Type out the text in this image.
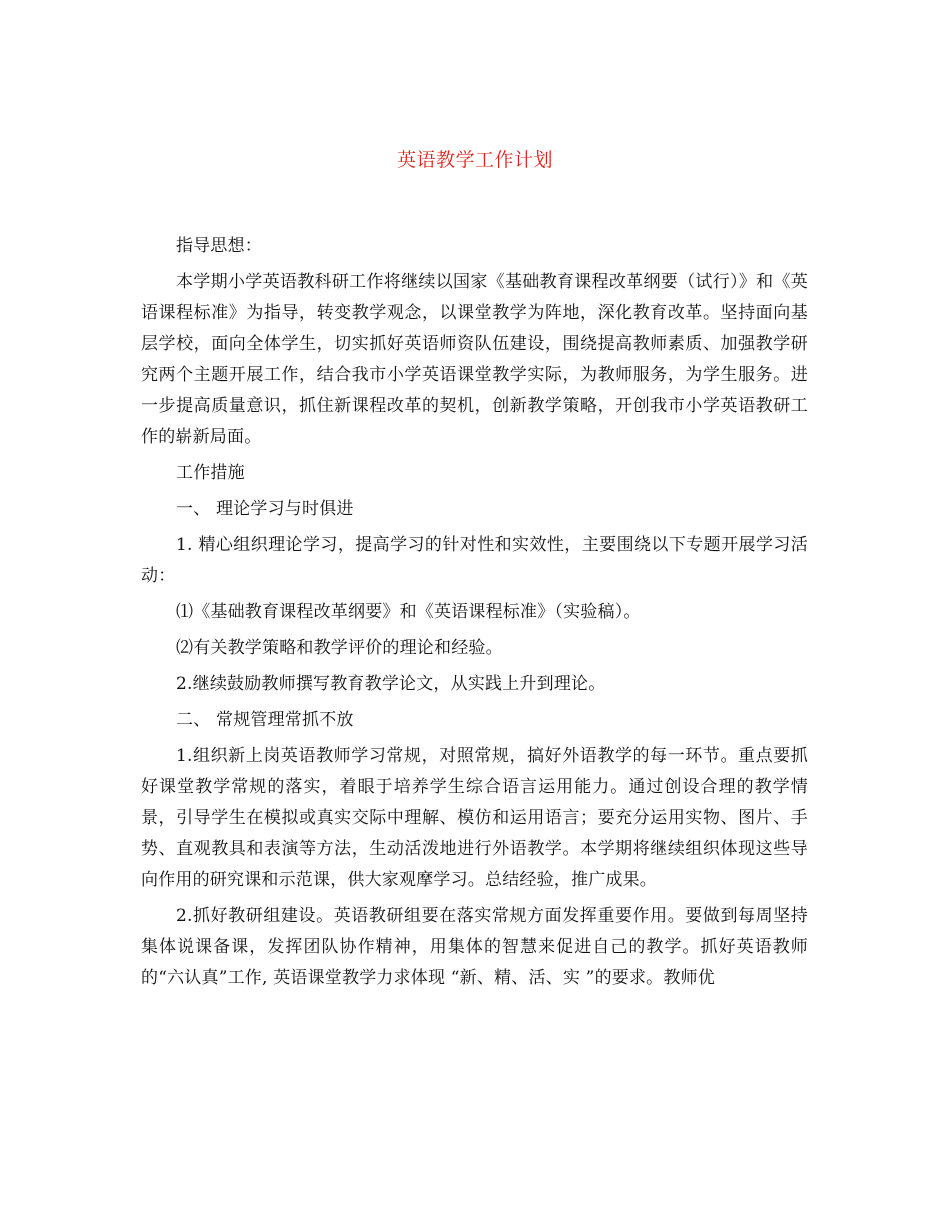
英语教学工作计划

指导思想：

本学期小学英语教科研工作将继续以国家《基础教育课程改革纲要（试行）》和《英语课程标准》为指导，转变教学观念，以课堂教学为阵地，深化教育改革。坚持面向基层学校，面向全体学生，切实抓好英语师资队伍建设，围绕提高教师素质、加强教学研究两个主题开展工作，结合我市小学英语课堂教学实际，为教师服务，为学生服务。进一步提高质量意识，抓住新课程改革的契机，创新教学策略，开创我市小学英语教研工作的崭新局面。

工作措施

一、 理论学习与时俱进

1. 精心组织理论学习，提高学习的针对性和实效性，主要围绕以下专题开展学习活动：

⑴《基础教育课程改革纲要》和《英语课程标准》（实验稿）。

⑵有关教学策略和教学评价的理论和经验。

2.继续鼓励教师撰写教育教学论文，从实践上升到理论。

二、 常规管理常抓不放

1.组织新上岗英语教师学习常规，对照常规，搞好外语教学的每一环节。重点要抓好课堂教学常规的落实，着眼于培养学生综合语言运用能力。通过创设合理的教学情景，引导学生在模拟或真实交际中理解、模仿和运用语言；要充分运用实物、图片、手势、直观教具和表演等方法，生动活泼地进行外语教学。本学期将继续组织体现这些导向作用的研究课和示范课，供大家观摩学习。总结经验，推广成果。

2.抓好教研组建设。英语教研组要在落实常规方面发挥重要作用。要做到每周坚持集体说课备课，发挥团队协作精神，用集体的智慧来促进自己的教学。抓好英语教师的“六认真”工作, 英语课堂教学力求体现 “新、精、活、实 ”的要求。教师优
